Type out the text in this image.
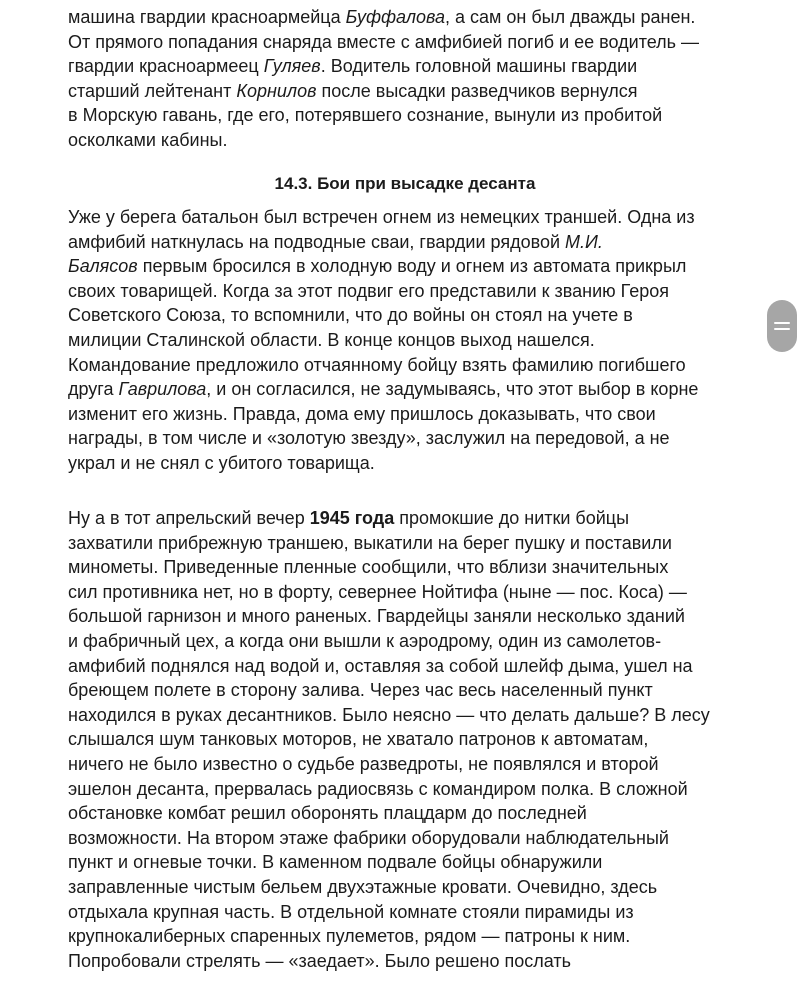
машина гвардии красноармейца Буффалова, а сам он был дважды ранен.
От прямого попадания снаряда вместе с амфибией погиб и ее водитель —
гвардии красноармеец Гуляев. Водитель головной машины гвардии
старший лейтенант Корнилов после высадки разведчиков вернулся
в Морскую гавань, где его, потерявшего сознание, вынули из пробитой
осколками кабины.
Уже у берега батальон был встречен огнем из немецких траншей. Одна из
амфибий наткнулась на подводные сваи, гвардии рядовой М.И.
Балясов первым бросился в холодную воду и огнем из автомата прикрыл
своих товарищей. Когда за этот подвиг его представили к званию Героя
Советского Союза, то вспомнили, что до войны он стоял на учете в
милиции Сталинской области. В конце концов выход нашелся.
Командование предложило отчаянному бойцу взять фамилию погибшего
друга Гаврилова, и он согласился, не задумываясь, что этот выбор в корне
изменит его жизнь. Правда, дома ему пришлось доказывать, что свои
награды, в том числе и «золотую звезду», заслужил на передовой, а не
украл и не снял с убитого товарища.
Ну а в тот апрельский вечер 1945 года промокшие до нитки бойцы
захватили прибрежную траншею, выкатили на берег пушку и поставили
минометы. Приведенные пленные сообщили, что вблизи значительных
сил противника нет, но в форту, севернее Нойтифа (ныне — пос. Коса) —
большой гарнизон и много раненых. Гвардейцы заняли несколько зданий
и фабричный цех, а когда они вышли к аэродрому, один из самолетов-
амфибий поднялся над водой и, оставляя за собой шлейф дыма, ушел на
бреющем полете в сторону залива. Через час весь населенный пункт
находился в руках десантников. Было неясно — что делать дальше? В лесу
слышался шум танковых моторов, не хватало патронов к автоматам,
ничего не было известно о судьбе разведроты, не появлялся и второй
эшелон десанта, прервалась радиосвязь с командиром полка. В сложной
обстановке комбат решил оборонять плацдарм до последней
возможности. На втором этаже фабрики оборудовали наблюдательный
пункт и огневые точки. В каменном подвале бойцы обнаружили
заправленные чистым бельем двухэтажные кровати. Очевидно, здесь
отдыхала крупная часть. В отдельной комнате стояли пирамиды из
крупнокалиберных спаренных пулеметов, рядом — патроны к ним.
Попробовали стрелять — «заедает». Было решено послать
14.3. Бои при высадке десанта
